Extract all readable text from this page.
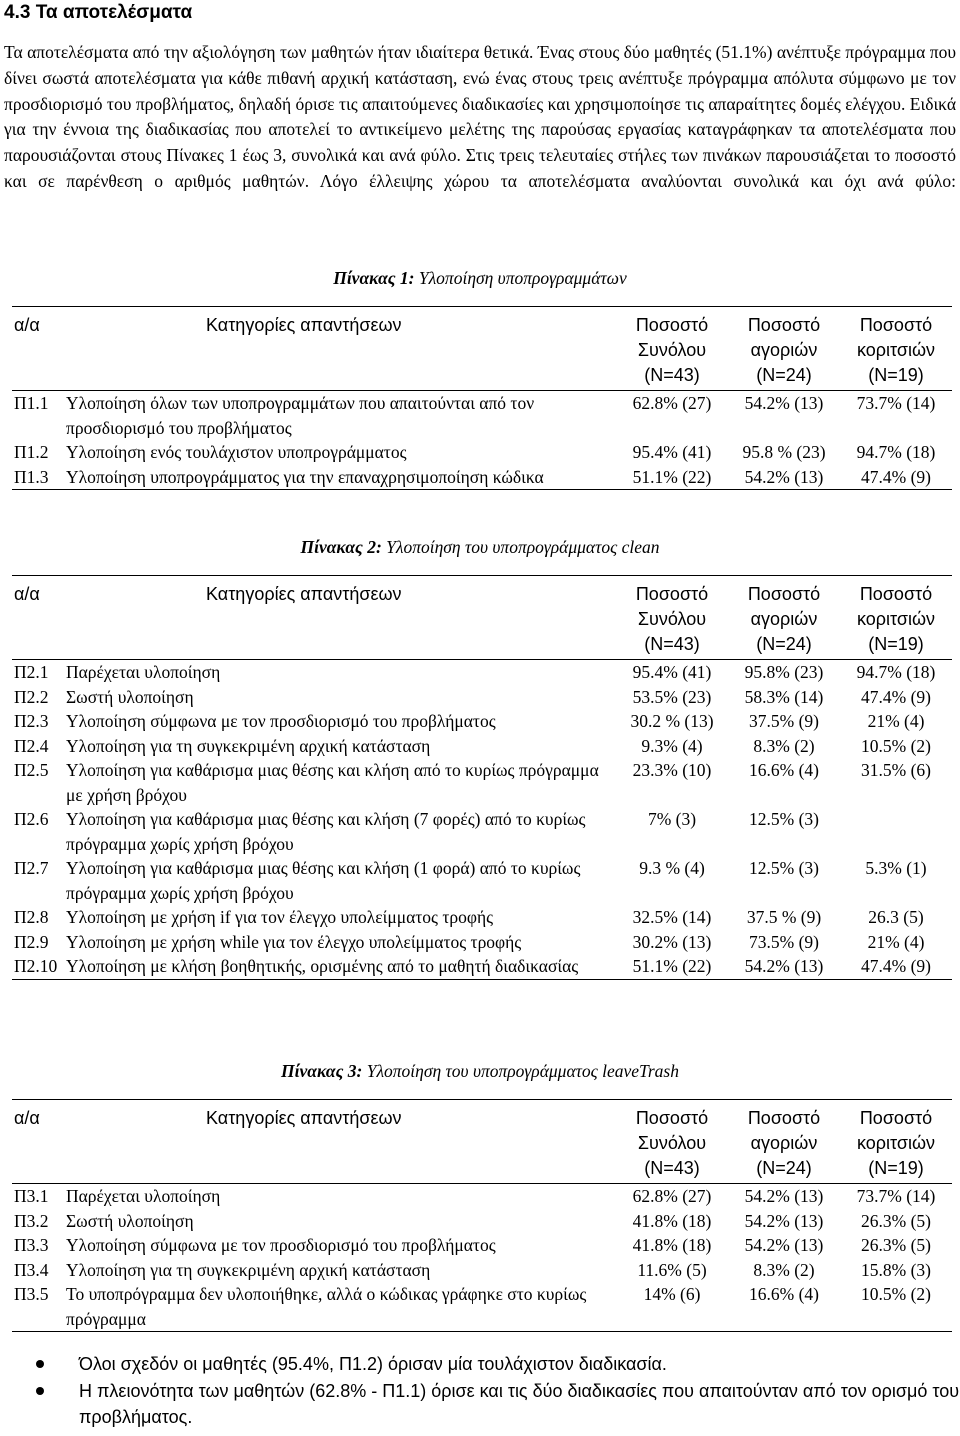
4.3 Τα αποτελέσματα

Τα αποτελέσματα από την αξιολόγηση των μαθητών ήταν ιδιαίτερα θετικά. Ένας στους δύο μαθητές (51.1%) ανέπτυξε πρόγραμμα που δίνει σωστά αποτελέσματα για κάθε πιθανή αρχική κατάσταση, ενώ ένας στους τρεις ανέπτυξε πρόγραμμα απόλυτα σύμφωνο με τον προσδιορισμό του προβλήματος, δηλαδή όρισε τις απαιτούμενες διαδικασίες και χρησιμοποίησε τις απαραίτητες δομές ελέγχου. Ειδικά για την έννοια της διαδικασίας που αποτελεί το αντικείμενο μελέτης της παρούσας εργασίας καταγράφηκαν τα αποτελέσματα που παρουσιάζονται στους Πίνακες 1 έως 3, συνολικά και ανά φύλο. Στις τρεις τελευταίες στήλες των πινάκων παρουσιάζεται το ποσοστό και σε παρένθεση ο αριθμός μαθητών. Λόγο έλλειψης χώρου τα αποτελέσματα αναλύονται συνολικά και όχι ανά φύλο:

Πίνακας 1: Υλοποίηση υποπρογραμμάτων
α/α	Κατηγορίες απαντήσεων	Ποσοστό
Συνόλου
(N=43)	Ποσοστό
αγοριών
(N=24)	Ποσοστό
κοριτσιών
(N=19)
Π1.1	Υλοποίηση όλων των υποπρογραμμάτων που απαιτούνται από τον προσδιορισμό του προβλήματος	62.8% (27)	54.2% (13)	73.7% (14)
Π1.2	Υλοποίηση ενός τουλάχιστον υποπρογράμματος	95.4% (41)	95.8 % (23)	94.7% (18)
Π1.3	Υλοποίηση υποπρογράμματος για την επαναχρησιμοποίηση κώδικα	51.1% (22)	54.2% (13)	47.4% (9)
Πίνακας 2: Υλοποίηση του υποπρογράμματος clean
α/α	Κατηγορίες απαντήσεων	Ποσοστό
Συνόλου
(N=43)	Ποσοστό
αγοριών
(N=24)	Ποσοστό
κοριτσιών
(N=19)
Π2.1	Παρέχεται υλοποίηση	95.4% (41)	95.8% (23)	94.7% (18)
Π2.2	Σωστή υλοποίηση	53.5% (23)	58.3% (14)	47.4% (9)
Π2.3	Υλοποίηση σύμφωνα με τον προσδιορισμό του προβλήματος	30.2 % (13)	37.5% (9)	21% (4)
Π2.4	Υλοποίηση για τη συγκεκριμένη αρχική κατάσταση	9.3% (4)	8.3% (2)	10.5% (2)
Π2.5	Υλοποίηση για καθάρισμα μιας θέσης και κλήση από το κυρίως πρόγραμμα με χρήση βρόχου	23.3% (10)	16.6% (4)	31.5% (6)
Π2.6	Υλοποίηση για καθάρισμα μιας θέσης και κλήση (7 φορές) από το κυρίως πρόγραμμα χωρίς χρήση βρόχου	7% (3)	12.5% (3)	
Π2.7	Υλοποίηση για καθάρισμα μιας θέσης και κλήση (1 φορά) από το κυρίως πρόγραμμα χωρίς χρήση βρόχου	9.3 % (4)	12.5% (3)	5.3% (1)
Π2.8	Υλοποίηση με χρήση if για τον έλεγχο υπολείμματος τροφής	32.5% (14)	37.5 % (9)	26.3 (5)
Π2.9	Υλοποίηση με χρήση while για τον έλεγχο υπολείμματος τροφής	30.2% (13)	73.5% (9)	21% (4)
Π2.10	Υλοποίηση με κλήση βοηθητικής, ορισμένης από το μαθητή διαδικασίας	51.1% (22)	54.2% (13)	47.4% (9)
Πίνακας 3: Υλοποίηση του υποπρογράμματος leaveTrash
α/α	Κατηγορίες απαντήσεων	Ποσοστό
Συνόλου
(N=43)	Ποσοστό
αγοριών
(N=24)	Ποσοστό
κοριτσιών
(N=19)
Π3.1	Παρέχεται υλοποίηση	62.8% (27)	54.2% (13)	73.7% (14)
Π3.2	Σωστή υλοποίηση	41.8% (18)	54.2% (13)	26.3% (5)
Π3.3	Υλοποίηση σύμφωνα με τον προσδιορισμό του προβλήματος	41.8% (18)	54.2% (13)	26.3% (5)
Π3.4	Υλοποίηση για τη συγκεκριμένη αρχική κατάσταση	11.6% (5)	8.3% (2)	15.8% (3)
Π3.5	Το υποπρόγραμμα δεν υλοποιήθηκε, αλλά ο κώδικας γράφηκε στο κυρίως πρόγραμμα	14% (6)	16.6% (4)	10.5% (2)
Όλοι σχεδόν οι μαθητές (95.4%, Π1.2) όρισαν μία τουλάχιστον διαδικασία.
Η πλειονότητα των μαθητών (62.8% - Π1.1) όρισε και τις δύο διαδικασίες που απαιτούνταν από τον ορισμό του προβλήματος.
